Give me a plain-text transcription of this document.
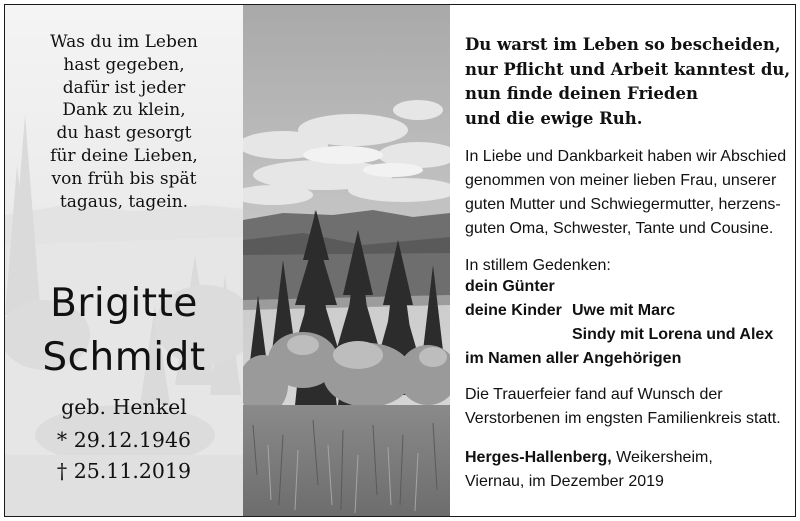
Was du im Leben
hast gegeben,
dafür ist jeder
Dank zu klein,
du hast gesorgt
für deine Lieben,
von früh bis spät
tagaus, tagein.
Brigitte
Schmidt
geb. Henkel
* 29.12.1946
† 25.11.2019
Du warst im Leben so bescheiden,
nur Pflicht und Arbeit kanntest du,
nun finde deinen Frieden
und die ewige Ruh.
In Liebe und Dankbarkeit haben wir Abschied
genommen von meiner lieben Frau, unserer
guten Mutter und Schwiegermutter, herzens-
guten Oma, Schwester, Tante und Cousine.
In stillem Gedenken:
dein Günter
deine Kinder Uwe mit Marc
Sindy mit Lorena und Alex
im Namen aller Angehörigen
Die Trauerfeier fand auf Wunsch der
Verstorbenen im engsten Familienkreis statt.
Herges-Hallenberg, Weikersheim,
Viernau, im Dezember 2019
